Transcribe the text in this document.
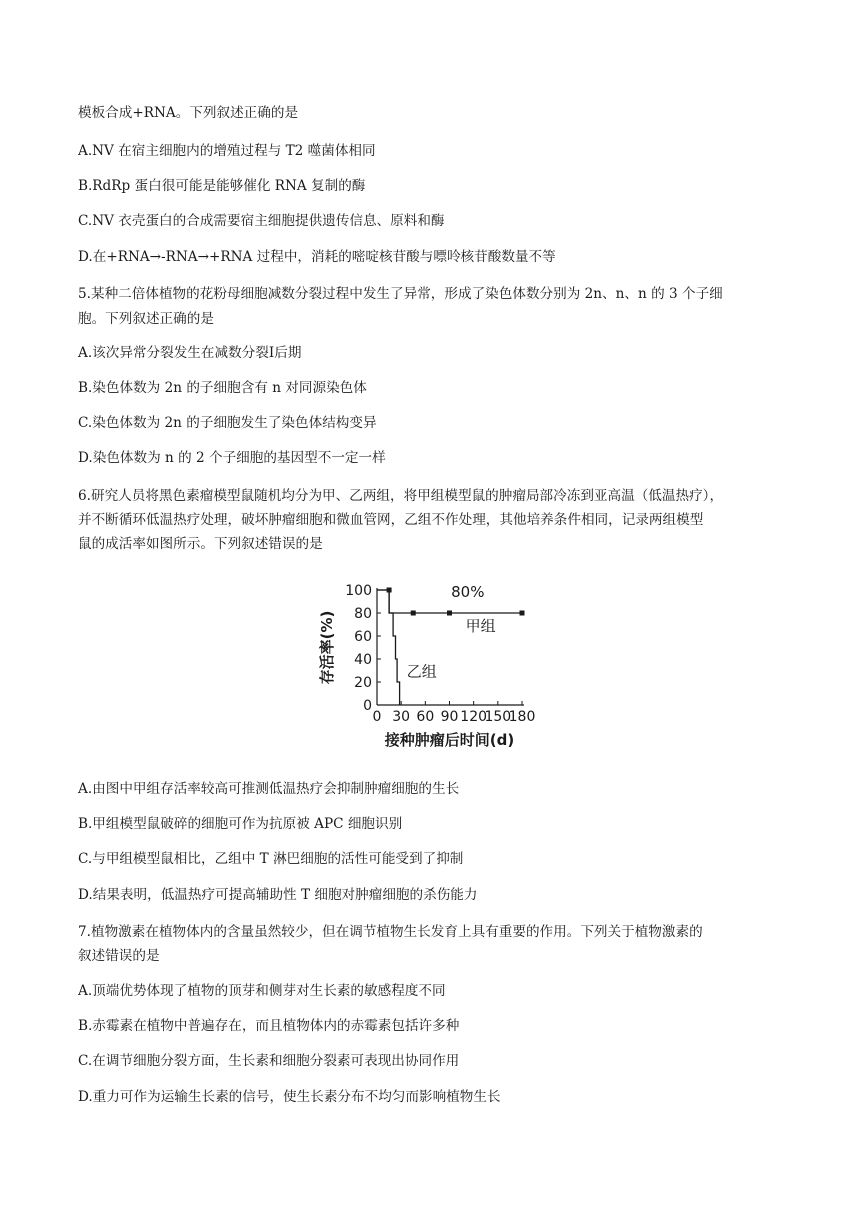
模板合成+RNA。下列叙述正确的是
A.NV 在宿主细胞内的增殖过程与 T2 噬菌体相同
B.RdRp 蛋白很可能是能够催化 RNA 复制的酶
C.NV 衣壳蛋白的合成需要宿主细胞提供遗传信息、原料和酶
D.在+RNA→-RNA→+RNA 过程中，消耗的嘧啶核苷酸与嘌呤核苷酸数量不等
5.某种二倍体植物的花粉母细胞减数分裂过程中发生了异常，形成了染色体数分别为 2n、n、n 的 3 个子细
胞。下列叙述正确的是
A.该次异常分裂发生在减数分裂Ⅰ后期
B.染色体数为 2n 的子细胞含有 n 对同源染色体
C.染色体数为 2n 的子细胞发生了染色体结构变异
D.染色体数为 n 的 2 个子细胞的基因型不一定一样
6.研究人员将黑色素瘤模型鼠随机均分为甲、乙两组，将甲组模型鼠的肿瘤局部冷冻到亚高温（低温热疗），
并不断循环低温热疗处理，破坏肿瘤细胞和微血管网，乙组不作处理，其他培养条件相同，记录两组模型
鼠的成活率如图所示。下列叙述错误的是
0
20
40
60
80
100
0 30 60 90 120
150
180
甲组
乙组
80%
接种肿瘤后时间(d)
存活率(%)
A.由图中甲组存活率较高可推测低温热疗会抑制肿瘤细胞的生长
B.甲组模型鼠破碎的细胞可作为抗原被 APC 细胞识别
C.与甲组模型鼠相比，乙组中 T 淋巴细胞的活性可能受到了抑制
D.结果表明，低温热疗可提高辅助性 T 细胞对肿瘤细胞的杀伤能力
7.植物激素在植物体内的含量虽然较少，但在调节植物生长发育上具有重要的作用。下列关于植物激素的
叙述错误的是
A.顶端优势体现了植物的顶芽和侧芽对生长素的敏感程度不同
B.赤霉素在植物中普遍存在，而且植物体内的赤霉素包括许多种
C.在调节细胞分裂方面，生长素和细胞分裂素可表现出协同作用
D.重力可作为运输生长素的信号，使生长素分布不均匀而影响植物生长
